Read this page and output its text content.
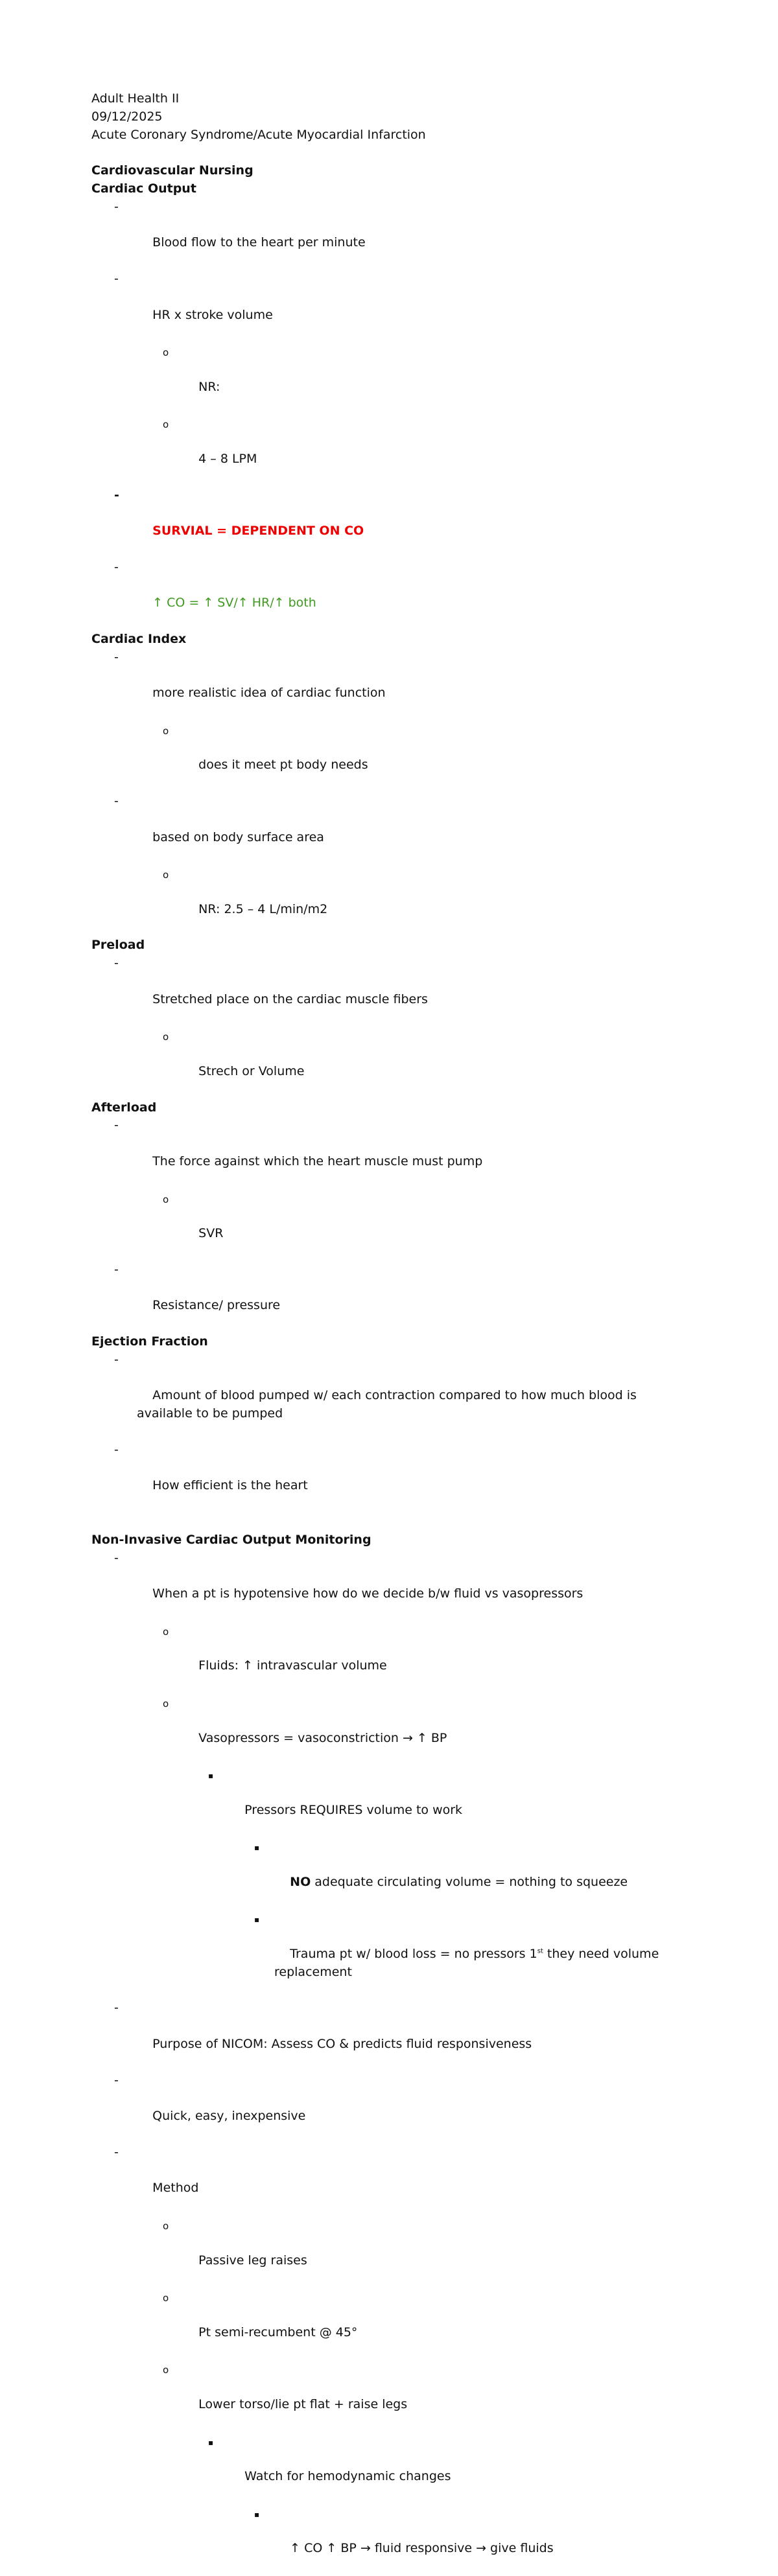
Adult Health II
09/12/2025
Acute Coronary Syndrome/Acute Myocardial Infarction
Cardiovascular Nursing
Cardiac Output

-

Blood flow to the heart per minute

-

HR x stroke volume

o

NR:

o

4 – 8 LPM

-

SURVIAL = DEPENDENT ON CO

-

↑ CO = ↑ SV/↑ HR/↑ both

Cardiac Index

-

more realistic idea of cardiac function

o

does it meet pt body needs

-

based on body surface area

o

NR: 2.5 – 4 L/min/m2

Preload

-

Stretched place on the cardiac muscle fibers

o

Strech or Volume

Afterload

-

The force against which the heart muscle must pump

o

SVR

-

Resistance/ pressure

Ejection Fraction

-

Amount of blood pumped w/ each contraction compared to how much blood is available to be pumped

-

How efficient is the heart

Non-Invasive Cardiac Output Monitoring

-

When a pt is hypotensive how do we decide b/w fluid vs vasopressors

o

Fluids: ↑ intravascular volume

o

Vasopressors = vasoconstriction → ↑ BP

▪

Pressors REQUIRES volume to work

▪

NO adequate circulating volume = nothing to squeeze

▪

Trauma pt w/ blood loss = no pressors 1st they need volume replacement

-

Purpose of NICOM: Assess CO & predicts fluid responsiveness

-

Quick, easy, inexpensive

-

Method

o

Passive leg raises

o

Pt semi-recumbent @ 45°

o

Lower torso/lie pt flat + raise legs

▪

Watch for hemodynamic changes

▪

↑ CO ↑ BP → fluid responsive → give fluids
